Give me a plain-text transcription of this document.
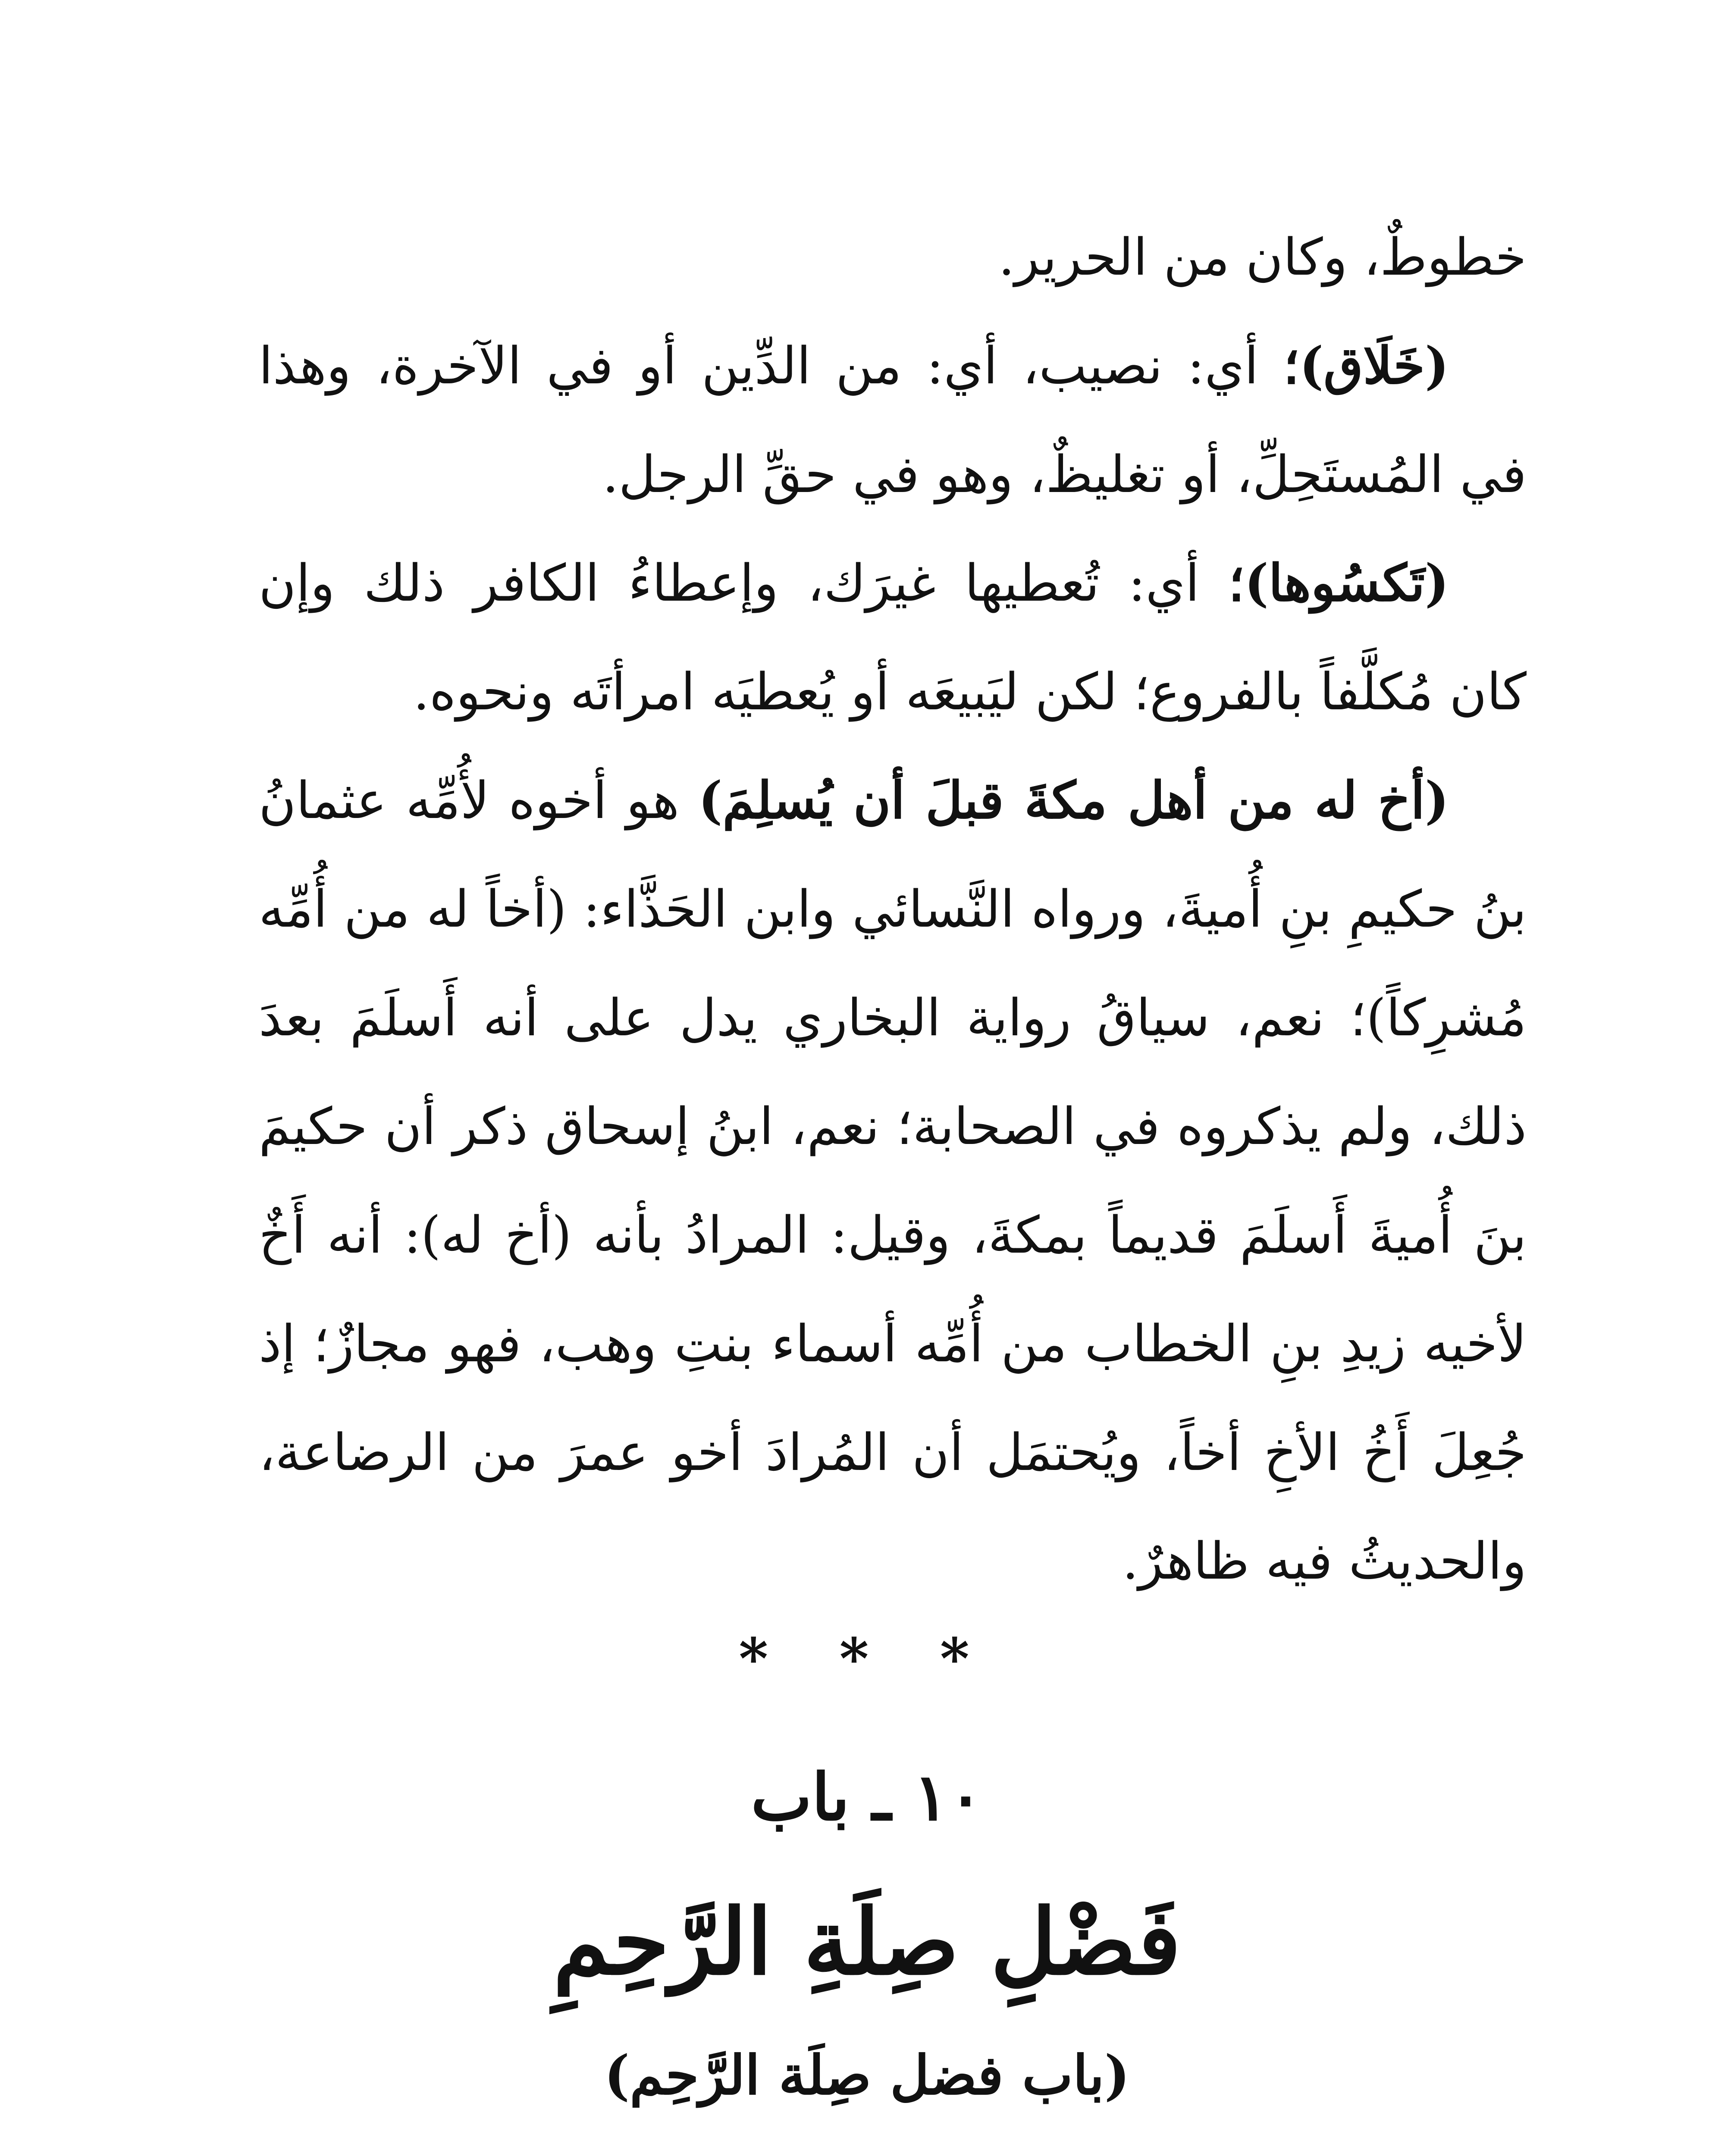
خطوطٌ، وكان من الحرير.

(خَلَاق)؛ أي: نصيب، أي: من الدِّين أو في الآخرة، وهذا في المُستَحِلِّ، أو تغليظٌ، وهو في حقِّ الرجل.

(تَكسُوها)؛ أي: تُعطيها غيرَك، وإعطاءُ الكافر ذلك وإن كان مُكلَّفاً بالفروع؛ لكن ليَبيعَه أو يُعطيَه امرأتَه ونحوه.

(أخ له من أهل مكةَ قبلَ أن يُسلِمَ) هو أخوه لأُمِّه عثمانُ بنُ حكيمِ بنِ أُميةَ، ورواه النَّسائي وابن الحَذَّاء: (أخاً له من أُمِّه مُشرِكاً)؛ نعم، سياقُ رواية البخاري يدل على أنه أَسلَمَ بعدَ ذلك، ولم يذكروه في الصحابة؛ نعم، ابنُ إسحاق ذكر أن حكيمَ بنَ أُميةَ أَسلَمَ قديماً بمكةَ، وقيل: المرادُ بأنه (أخ له): أنه أَخٌ لأخيه زيدِ بنِ الخطاب من أُمِّه أسماء بنتِ وهب، فهو مجازٌ؛ إذ جُعِلَ أَخُ الأخِ أخاً، ويُحتمَل أن المُرادَ أخو عمرَ من الرضاعة، والحديثُ فيه ظاهرٌ.

* * *
١٠ ـ باب
فَضْلِ صِلَةِ الرَّحِمِ
(باب فضل صِلَة الرَّحِم)
